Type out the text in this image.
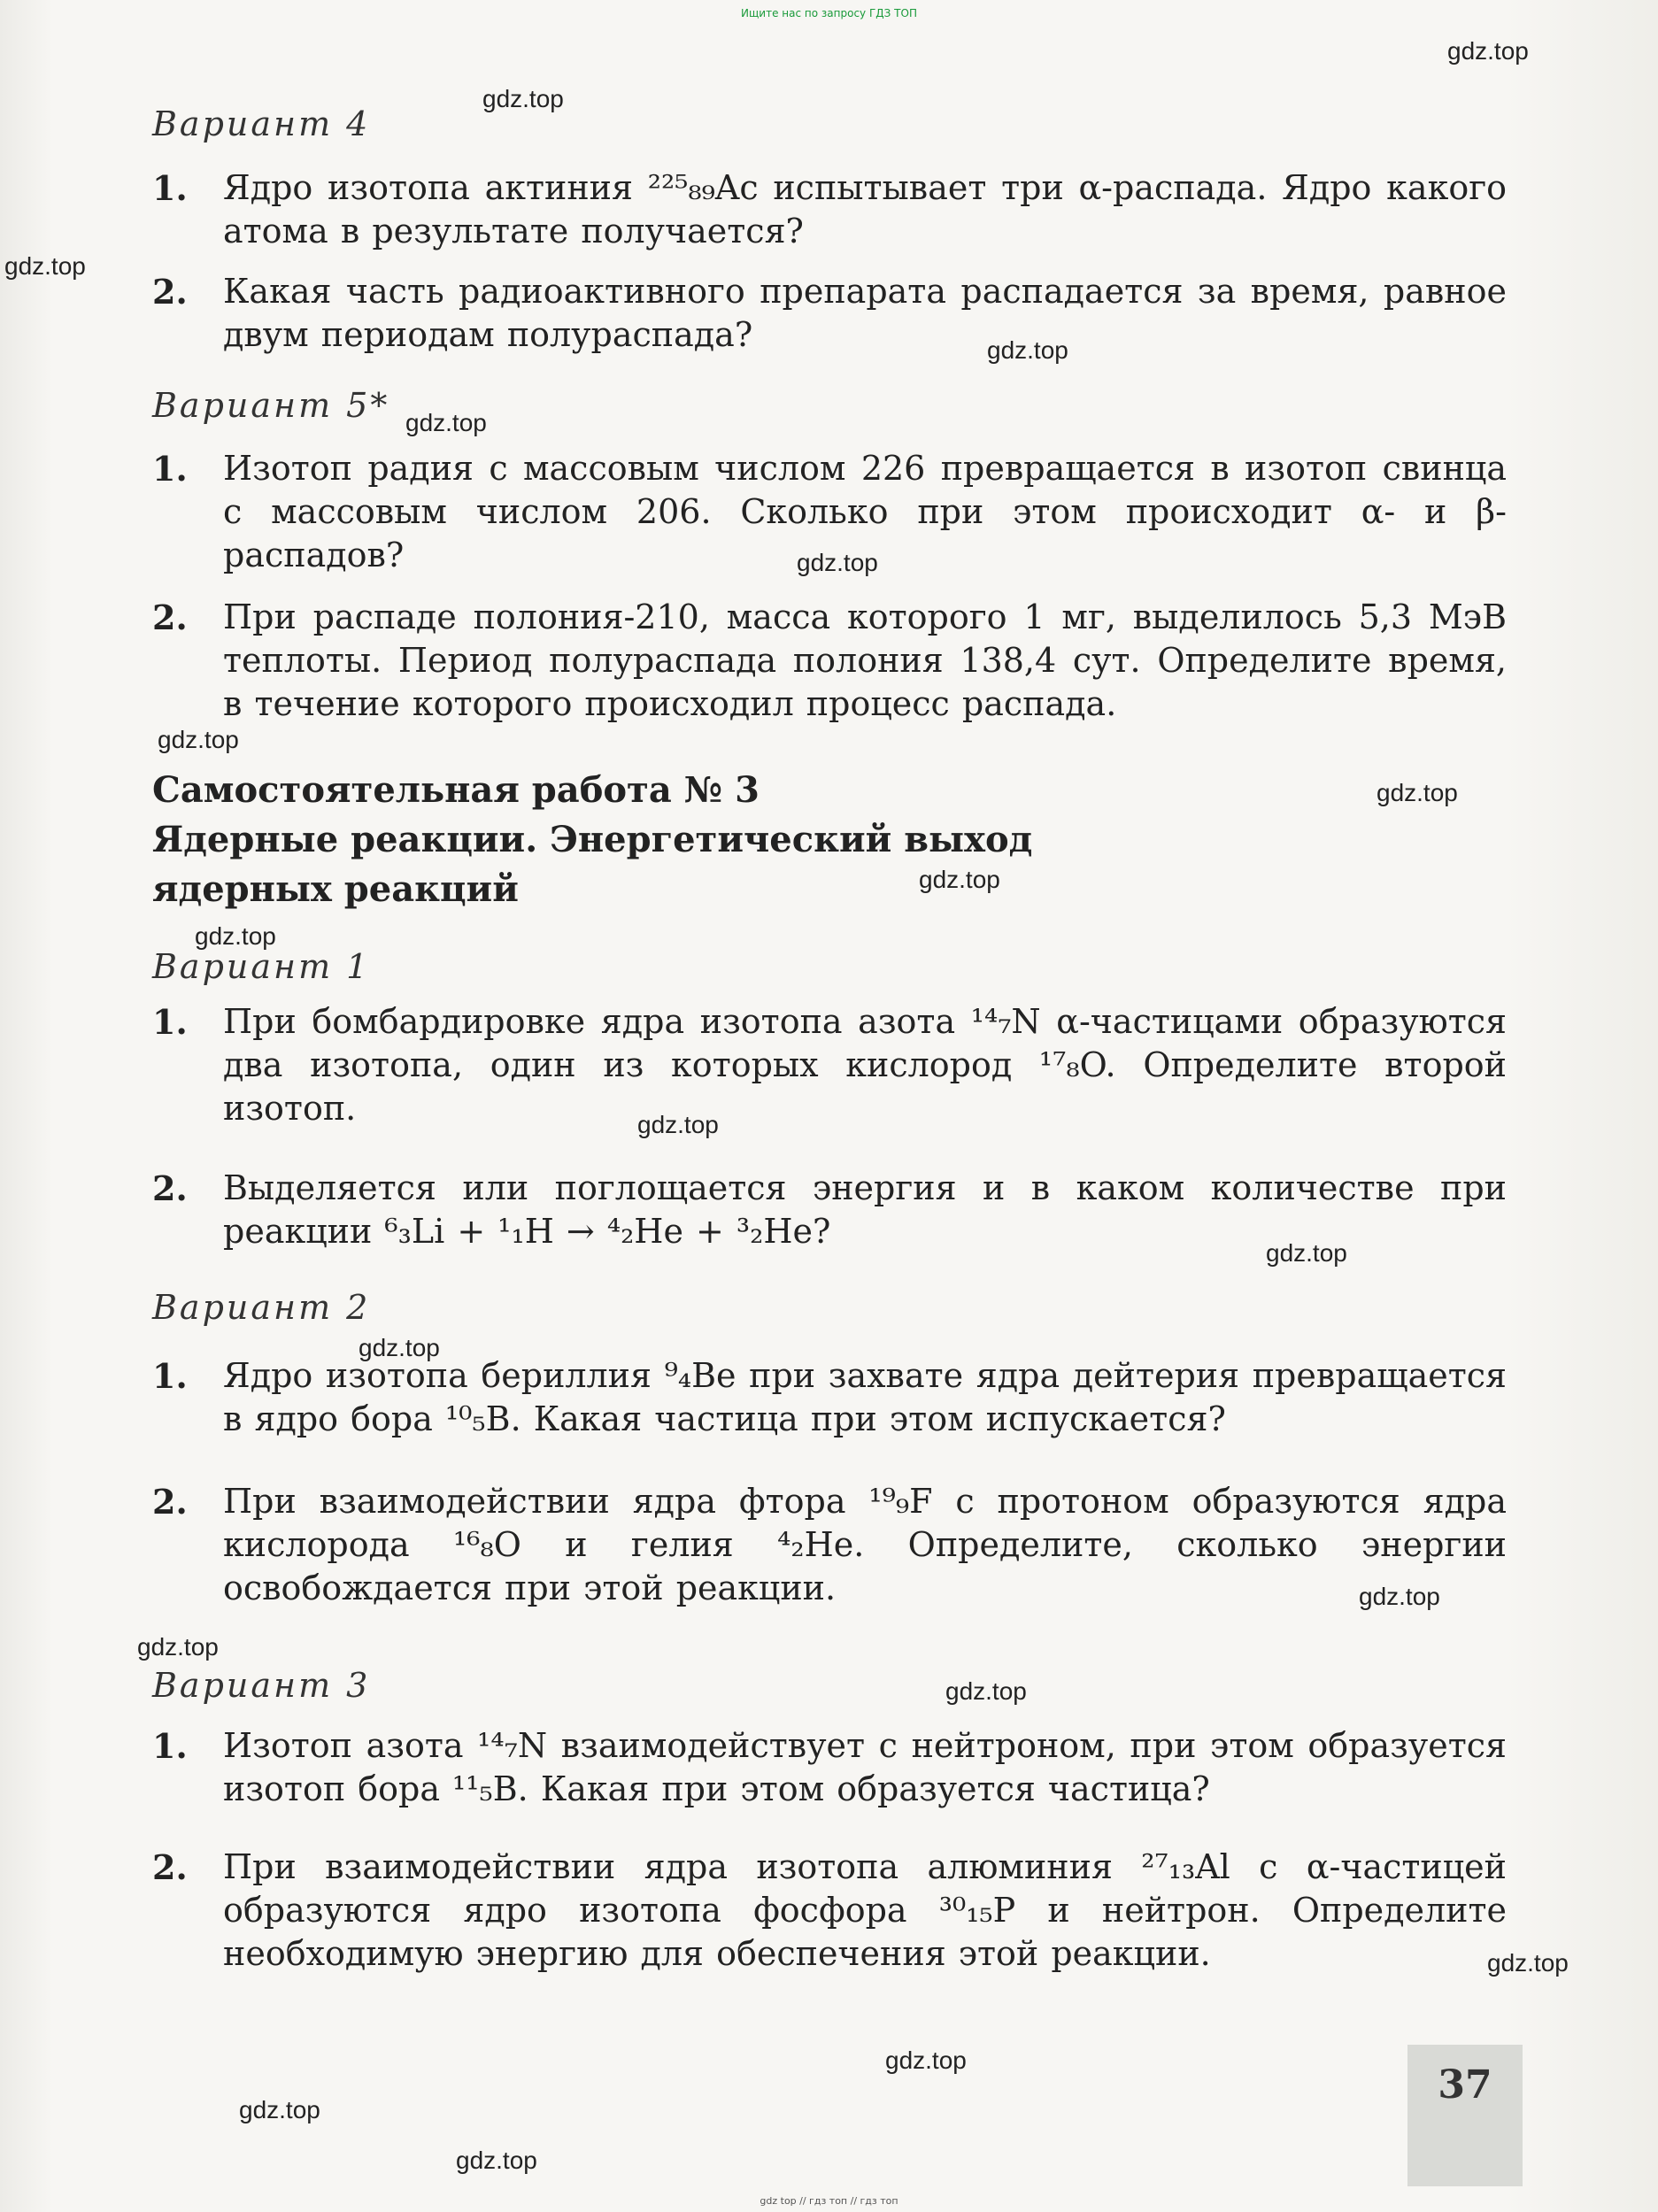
Ищите нас по запросу ГДЗ ТОП
Вариант 4
1. Ядро изотопа актиния ²²⁵₈₉Ac испытывает три α-распада. Ядро какого атома в результате получается?
2. Какая часть радиоактивного препарата распадается за время, равное двум периодам полураспада?
Вариант 5*
1. Изотоп радия с массовым числом 226 превращается в изотоп свинца с массовым числом 206. Сколько при этом происходит α- и β-распадов?
2. При распаде полония-210, масса которого 1 мг, выделилось 5,3 МэВ теплоты. Период полураспада полония 138,4 сут. Определите время, в течение которого происходил процесс распада.
Самостоятельная работа № 3
Ядерные реакции. Энергетический выход
ядерных реакций
Вариант 1
1. При бомбардировке ядра изотопа азота ¹⁴₇N α-частицами образуются два изотопа, один из которых кислород ¹⁷₈O. Определите второй изотоп.
2. Выделяется или поглощается энергия и в каком количестве при реакции ⁶₃Li + ¹₁H → ⁴₂He + ³₂He?
Вариант 2
1. Ядро изотопа бериллия ⁹₄Be при захвате ядра дейтерия превращается в ядро бора ¹⁰₅B. Какая частица при этом испускается?
2. При взаимодействии ядра фтора ¹⁹₉F с протоном образуются ядра кислорода ¹⁶₈O и гелия ⁴₂He. Определите, сколько энергии освобождается при этой реакции.
Вариант 3
1. Изотоп азота ¹⁴₇N взаимодействует с нейтроном, при этом образуется изотоп бора ¹¹₅B. Какая при этом образуется частица?
2. При взаимодействии ядра изотопа алюминия ²⁷₁₃Al с α-частицей образуются ядро изотопа фосфора ³⁰₁₅P и нейтрон. Определите необходимую энергию для обеспечения этой реакции.
37
gdz.top
gdz.top
gdz.top
gdz.top
gdz.top
gdz.top
gdz.top
gdz.top
gdz.top
gdz.top
gdz.top
gdz.top
gdz.top
gdz.top
gdz.top
gdz.top
gdz.top
gdz.top
gdz.top
gdz.top
gdz top // гдз топ // гдз топ
